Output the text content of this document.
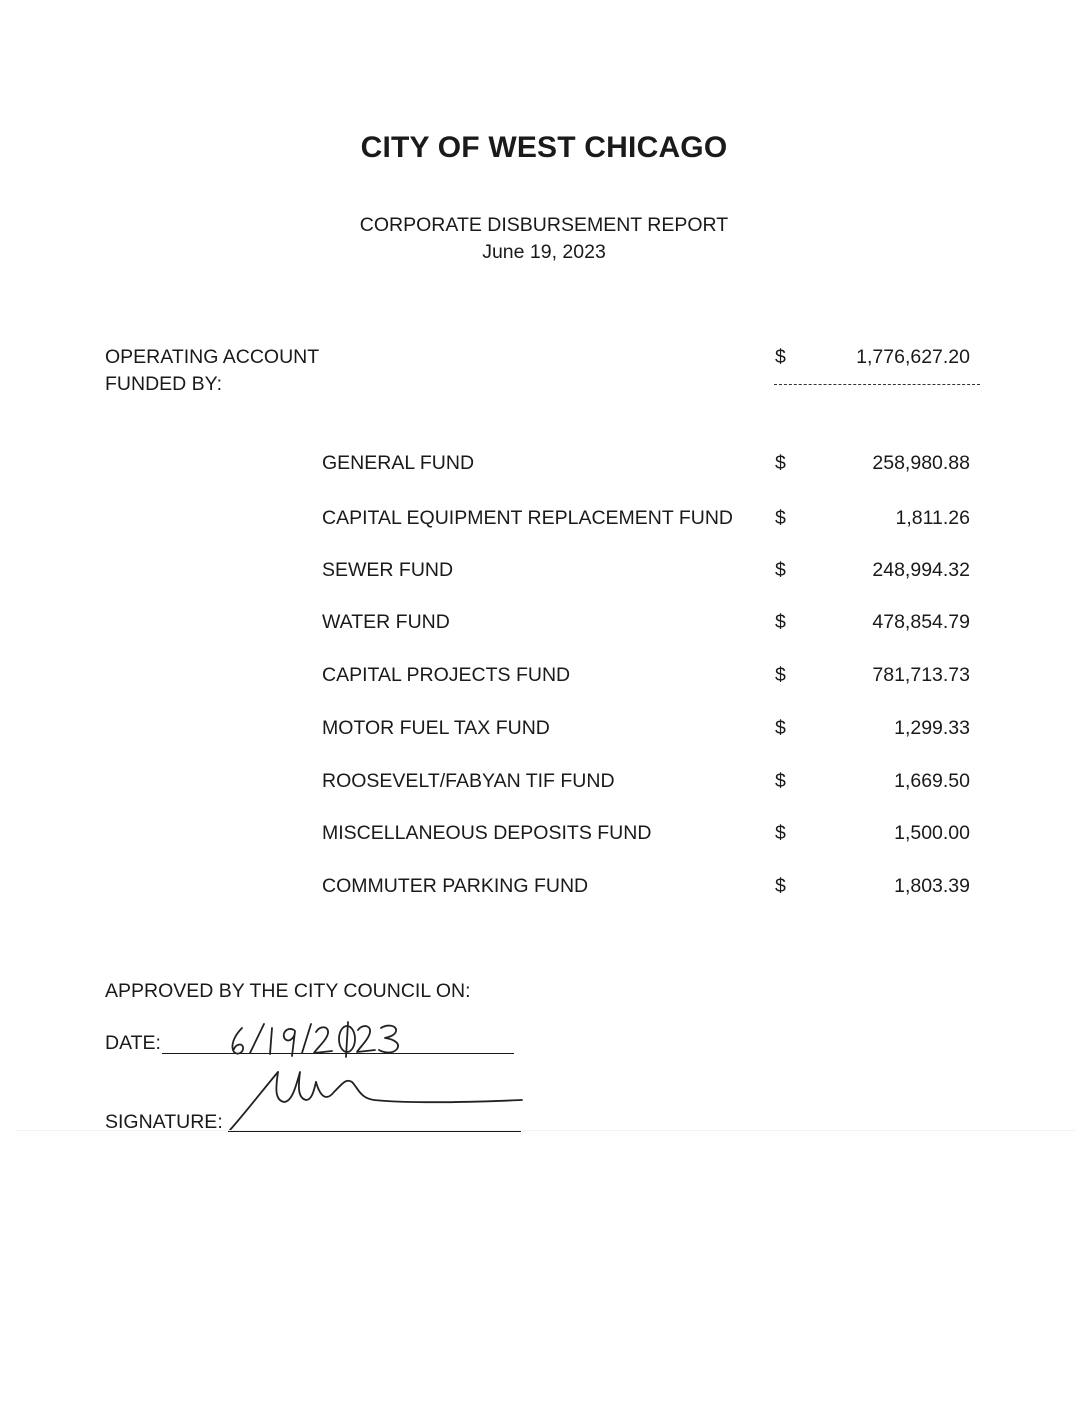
CITY OF WEST CHICAGO
CORPORATE DISBURSEMENT REPORT
June 19, 2023
OPERATING ACCOUNT
FUNDED BY:
$	1,776,627.20
GENERAL FUND	$	258,980.88
CAPITAL EQUIPMENT REPLACEMENT FUND $	1,811.26
SEWER FUND	$	248,994.32
WATER FUND	$	478,854.79
CAPITAL PROJECTS FUND	$	781,713.73
MOTOR FUEL TAX FUND	$	1,299.33
ROOSEVELT/FABYAN TIF FUND	$	1,669.50
MISCELLANEOUS DEPOSITS FUND	$	1,500.00
COMMUTER PARKING FUND	$	1,803.39
APPROVED BY THE CITY COUNCIL ON:
DATE:
SIGNATURE:
